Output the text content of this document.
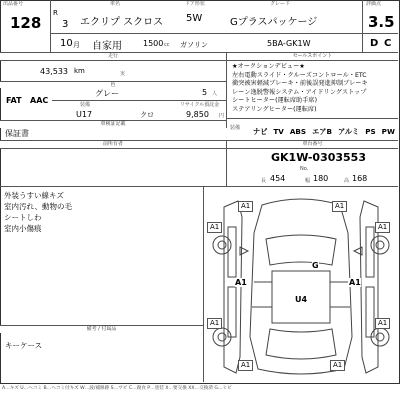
出品番号
128
R
3
車名
エクリプ スクロス
ドア形状
5W
グレード
Gプラスパッケージ
評価点
3.5
10 月 自家用	1500 cc ガソリン	5BA-GK1W	D C
走行	セールスポイント
43,533 km	実
色
FAT AAC
グレー	5 人
装備	リサイクル預託金
U17	クロ	9,850 円
車検証記載
保証書
★オークションデビュー★
左右電動スライド・クルーズコントロール・ETC
衝突被害軽減ブレーキ・前後誤発進抑制ブレーキ
レーン逸脱警報システム・アイドリングストップ
シートヒーター(運転席助手席)
ステアリングヒーター(運転席)
装備 ナビ TV ABS エアB アルミ PS PW
前所有者	車台番号
GK1W-0303553
No.
長 454	幅 180	高 168
外装うすい線キズ
室内汚れ、動物の毛
シートしわ
室内小傷痕
備考 / 付属品
キーケース
A1	A1
A1	A1
G
A1
U4
A1
A1	A1
A1	A1
A…キズ U…ヘコミ B…ヘコミ付キズ W…波/補修跡 S…サビ C…腐食 P…塗装 X…要交換 XX…交換済 G…ヒビ
